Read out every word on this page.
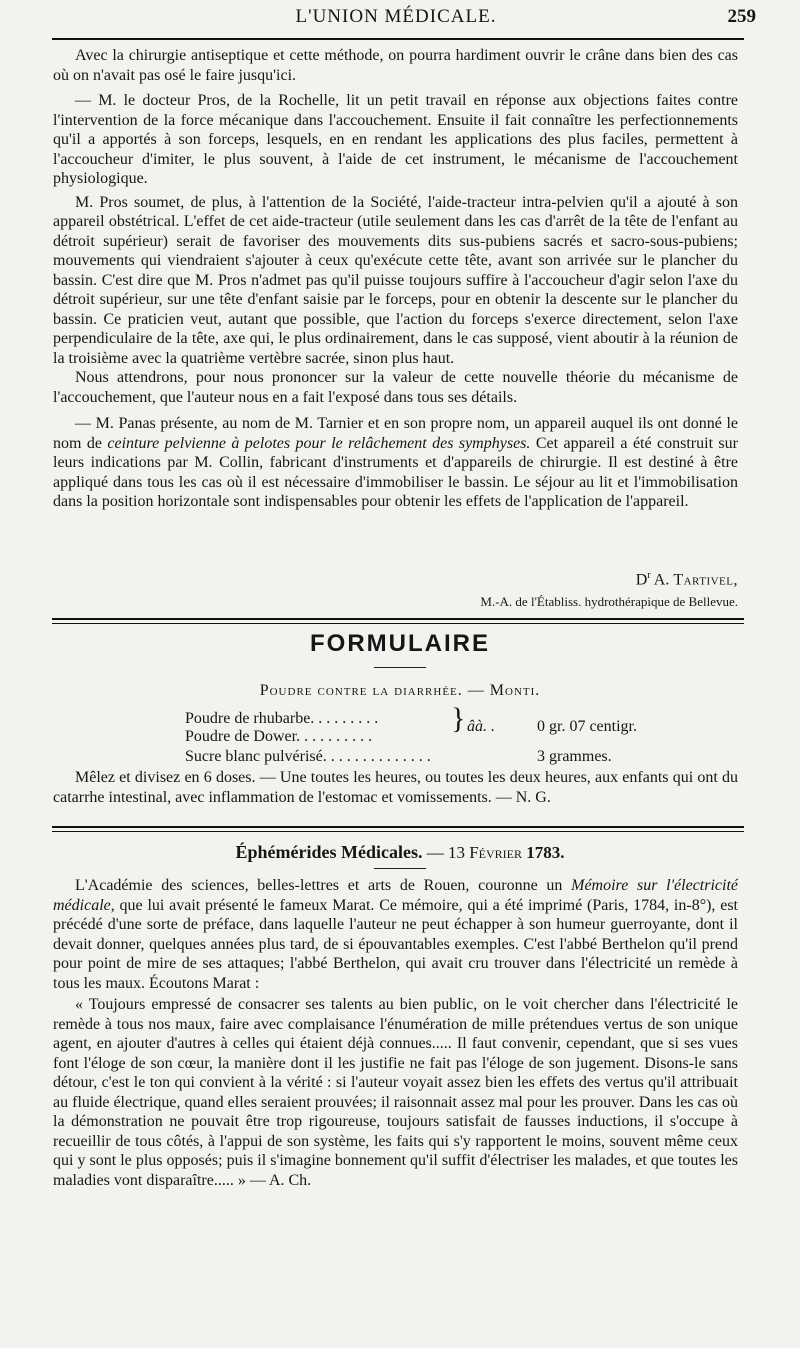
L'UNION MÉDICALE.	259

Avec la chirurgie antiseptique et cette méthode, on pourra hardiment ouvrir le crâne dans bien des cas où on n'avait pas osé le faire jusqu'ici.

— M. le docteur Pros, de la Rochelle, lit un petit travail en réponse aux objections faites contre l'intervention de la force mécanique dans l'accouchement. Ensuite il fait connaître les perfectionnements qu'il a apportés à son forceps, lesquels, en en rendant les applications des plus faciles, permettent à l'accoucheur d'imiter, le plus souvent, à l'aide de cet instrument, le mécanisme de l'accouchement physiologique.

M. Pros soumet, de plus, à l'attention de la Société, l'aide-tracteur intra-pelvien qu'il a ajouté à son appareil obstétrical. L'effet de cet aide-tracteur (utile seulement dans les cas d'arrêt de la tête de l'enfant au détroit supérieur) serait de favoriser des mouvements dits sus-pubiens sacrés et sacro-sous-pubiens; mouvements qui viendraient s'ajouter à ceux qu'exécute cette tête, avant son arrivée sur le plancher du bassin. C'est dire que M. Pros n'admet pas qu'il puisse toujours suffire à l'accoucheur d'agir selon l'axe du détroit supérieur, sur une tête d'enfant saisie par le forceps, pour en obtenir la descente sur le plancher du bassin. Ce praticien veut, autant que possible, que l'action du forceps s'exerce directement, selon l'axe perpendiculaire de la tête, axe qui, le plus ordinairement, dans le cas supposé, vient aboutir à la réunion de la troisième avec la quatrième vertèbre sacrée, sinon plus haut.

Nous attendrons, pour nous prononcer sur la valeur de cette nouvelle théorie du mécanisme de l'accouchement, que l'auteur nous en a fait l'exposé dans tous ses détails.

— M. Panas présente, au nom de M. Tarnier et en son propre nom, un appareil auquel ils ont donné le nom de ceinture pelvienne à pelotes pour le relâchement des symphyses. Cet appareil a été construit sur leurs indications par M. Collin, fabricant d'instruments et d'appareils de chirurgie. Il est destiné à être appliqué dans tous les cas où il est nécessaire d'immobiliser le bassin. Le séjour au lit et l'immobilisation dans la position horizontale sont indispensables pour obtenir les effets de l'application de l'appareil.

$D^r$ A. Tartivel,
M.-A. de l'Établiss. hydrothérapique de Bellevue.
FORMULAIRE
Poudre contre la diarrhée. — Monti.
Poudre de rhubarbe. . . . . . . . . } âà. .	0 gr. 07 centigr.
Poudre de Dower. . . . . . . . . .
Sucre blanc pulvérisé. . . . . . . . . . . . . .	3 grammes.

Mêlez et divisez en 6 doses. — Une toutes les heures, ou toutes les deux heures, aux enfants qui ont du catarrhe intestinal, avec inflammation de l'estomac et vomissements. — N. G.

Éphémérides Médicales. — 13 Février 1783.

L'Académie des sciences, belles-lettres et arts de Rouen, couronne un Mémoire sur l'électricité médicale, que lui avait présenté le fameux Marat. Ce mémoire, qui a été imprimé (Paris, 1784, in-8°), est précédé d'une sorte de préface, dans laquelle l'auteur ne peut échapper à son humeur guerroyante, dont il devait donner, quelques années plus tard, de si épouvantables exemples. C'est l'abbé Berthelon qu'il prend pour point de mire de ses attaques; l'abbé Berthelon, qui avait cru trouver dans l'électricité un remède à tous les maux. Écoutons Marat :

« Toujours empressé de consacrer ses talents au bien public, on le voit chercher dans l'électricité le remède à tous nos maux, faire avec complaisance l'énumération de mille prétendues vertus de son unique agent, en ajouter d'autres à celles qui étaient déjà connues..... Il faut convenir, cependant, que si ses vues font l'éloge de son cœur, la manière dont il les justifie ne fait pas l'éloge de son jugement. Disons-le sans détour, c'est le ton qui convient à la vérité : si l'auteur voyait assez bien les effets des vertus qu'il attribuait au fluide électrique, quand elles seraient prouvées; il raisonnait assez mal pour les prouver. Dans les cas où la démonstration ne pouvait être trop rigoureuse, toujours satisfait de fausses inductions, il s'occupe à recueillir de tous côtés, à l'appui de son système, les faits qui s'y rapportent le moins, souvent même ceux qui y sont le plus opposés; puis il s'imagine bonnement qu'il suffit d'électriser les malades, et que toutes les maladies vont disparaître..... » — A. Ch.
